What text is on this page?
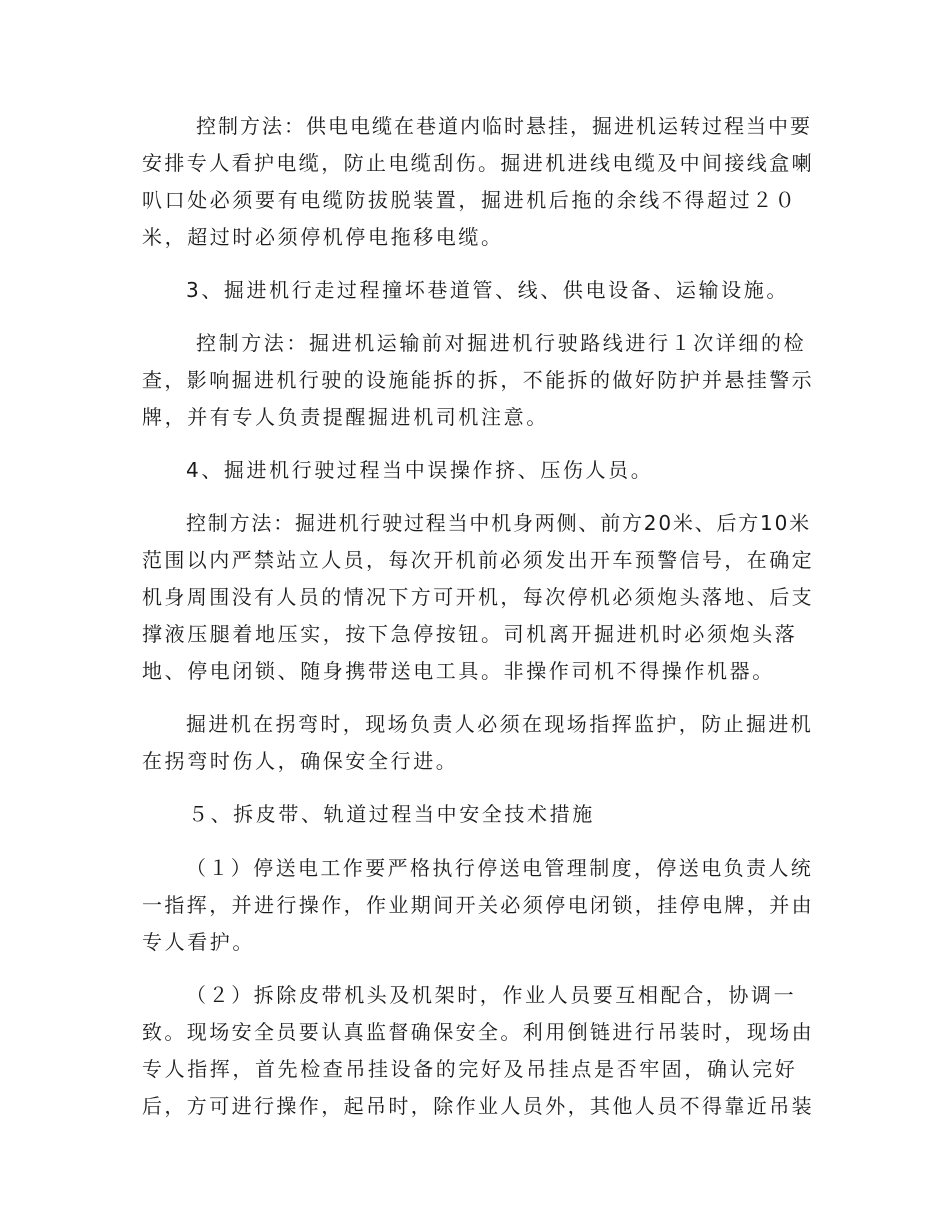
控制方法：供电电缆在巷道内临时悬挂，掘进机运转过程当中要
安排专人看护电缆，防止电缆刮伤。掘进机进线电缆及中间接线盒喇
叭口处必须要有电缆防拔脱装置，掘进机后拖的余线不得超过２０
米，超过时必须停机停电拖移电缆。
3、掘进机行走过程撞坏巷道管、线、供电设备、运输设施。
控制方法：掘进机运输前对掘进机行驶路线进行１次详细的检
查，影响掘进机行驶的设施能拆的拆，不能拆的做好防护并悬挂警示
牌，并有专人负责提醒掘进机司机注意。
4、掘进机行驶过程当中误操作挤、压伤人员。
控制方法：掘进机行驶过程当中机身两侧、前方20米、后方10米
范围以内严禁站立人员，每次开机前必须发出开车预警信号，在确定
机身周围没有人员的情况下方可开机，每次停机必须炮头落地、后支
撑液压腿着地压实，按下急停按钮。司机离开掘进机时必须炮头落
地、停电闭锁、随身携带送电工具。非操作司机不得操作机器。
掘进机在拐弯时，现场负责人必须在现场指挥监护，防止掘进机
在拐弯时伤人，确保安全行进。
５、拆皮带、轨道过程当中安全技术措施
（１）停送电工作要严格执行停送电管理制度，停送电负责人统
一指挥，并进行操作，作业期间开关必须停电闭锁，挂停电牌，并由
专人看护。
（２）拆除皮带机头及机架时，作业人员要互相配合，协调一
致。现场安全员要认真监督确保安全。利用倒链进行吊装时，现场由
专人指挥，首先检查吊挂设备的完好及吊挂点是否牢固，确认完好
后，方可进行操作，起吊时，除作业人员外，其他人员不得靠近吊装
